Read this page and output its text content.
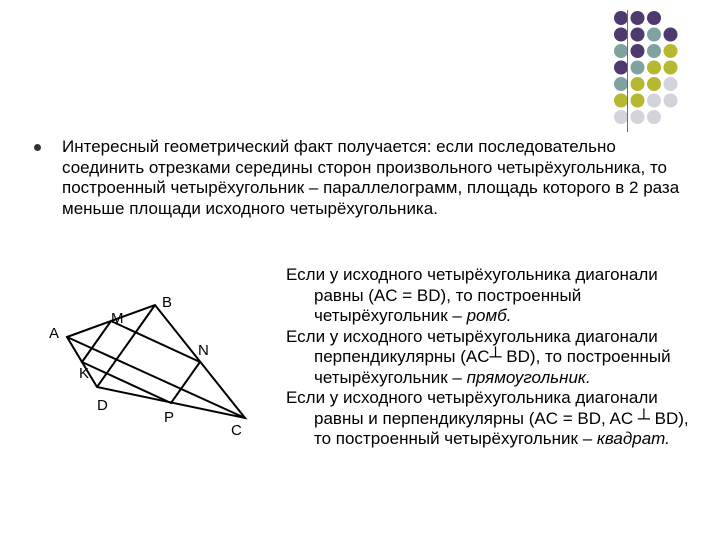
Интересный геометрический факт получается: если последовательно соединить отрезками середины сторон произвольного четырёхугольника, то построенный четырёхугольник – параллелограмм, площадь которого в 2 раза меньше площади исходного четырёхугольника.

A
B
C
D
M
N
P
K
Если у исходного четырёхугольника диагонали равны (AC = BD), то построенный четырёхугольник – ромб.
Если у исходного четырёхугольника диагонали перпендикулярны (AC┴ BD), то построенный четырёхугольник – прямоугольник.
Если у исходного четырёхугольника диагонали равны и перпендикулярны (AC = BD, AC ┴ BD), то построенный четырёхугольник – квадрат.
